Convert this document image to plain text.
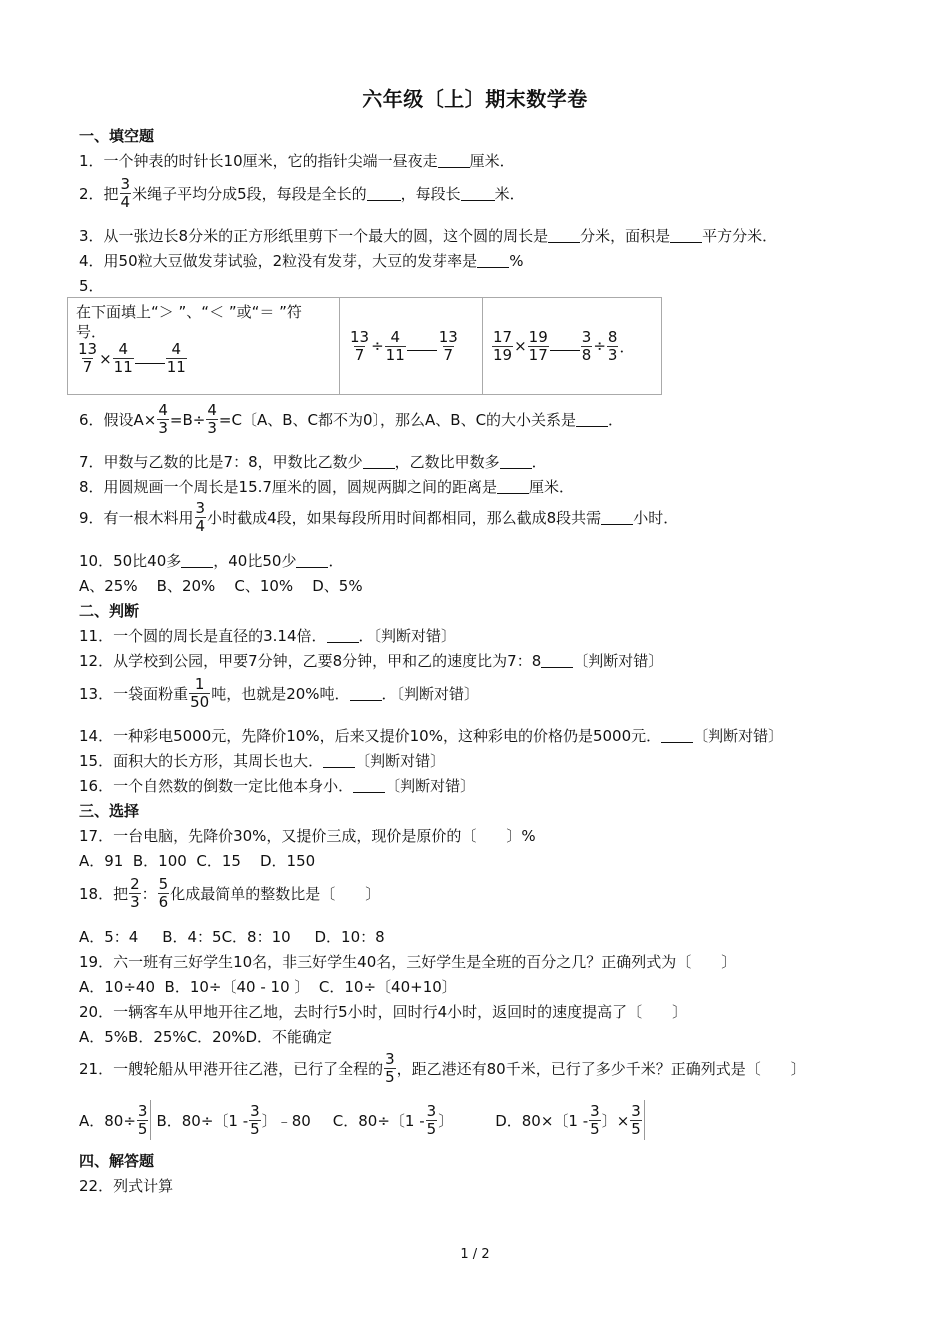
六年级〔上〕期末数学卷
一、填空题
1．一个钟表的时针长10厘米，它的指针尖端一昼夜走 厘米．
2．把 $\frac{3}{4}$ 米绳子平均分成5段，每段是全长的 ，每段长 米．
3．从一张边长8分米的正方形纸里剪下一个最大的圆，这个圆的周长是 分米，面积是 平方分米．
4．用50粒大豆做发芽试验，2粒没有发芽，大豆的发芽率是 %
5．
在下面填上“＞ ”、“＜ ”或“＝ ”符
号．
$\frac{13}{7} \times \frac{4}{11} \frac{4}{11}$	$\frac{13}{7} \div \frac{4}{11} \frac{13}{7}$	$\frac{17}{19} \times \frac{19}{17} \frac{3}{8} \div \frac{8}{3}$ ．
6．假设$A\times \frac{4}{3} =B\div \frac{4}{3} =C$〔A、B、C都不为0〕，那么A、B、C的大小关系是 ．
7．甲数与乙数的比是7：8，甲数比乙数少 ，乙数比甲数多 ．
8．用圆规画一个周长是15.7厘米的圆，圆规两脚之间的距离是 厘米．
9．有一根木料用 $\frac{3}{4}$ 小时截成4段，如果每段所用时间都相同，那么截成8段共需 小时．
10．50比40多 ，40比50少 ．
A、25%    B、20%    C、10%    D、5%
二、判断
11．一个圆的周长是直径的3.14倍． ．〔判断对错〕
12．从学校到公园，甲要7分钟，乙要8分钟，甲和乙的速度比为7：8 〔判断对错〕
13．一袋面粉重 $\frac{1}{50}$ 吨，也就是20%吨． ．〔判断对错〕
14．一种彩电5000元，先降价10%，后来又提价10%，这种彩电的价格仍是5000元． 〔判断对错〕
15．面积大的长方形，其周长也大． 〔判断对错〕
16．一个自然数的倒数一定比他本身小． 〔判断对错〕
三、选择
17．一台电脑，先降价30%，又提价三成，现价是原价的〔　　〕%
A．91  B．100  C．15    D．150
18．把 $\frac{2}{3}$ ： $\frac{5}{6}$ 化成最简单的整数比是〔　　〕
A．5：4     B．4：5C．8：10     D．10：8
19．六一班有三好学生10名，非三好学生40名，三好学生是全班的百分之几？正确列式为〔　　〕
A．10÷40  B．10÷〔40 - 10 〕  C．10÷〔40+10〕
20．一辆客车从甲地开往乙地，去时行5小时，回时行4小时，返回时的速度提高了〔　　〕
A．5%B．25%C．20%D．不能确定
21．一艘轮船从甲港开往乙港，已行了全程的 $\frac{3}{5}$ ，距乙港还有80千米，已行了多少千米？正确列式是〔　　〕
A．$80\div \frac{3}{5}$ B．80÷〔$1 - \frac{3}{5}$ 〕﹣80 C．80÷〔$1 - \frac{3}{5}$ 〕	D．80×〔$1 - \frac{3}{5}$ 〕× $\frac{3}{5}$
四、解答题
22．列式计算
1 / 2
